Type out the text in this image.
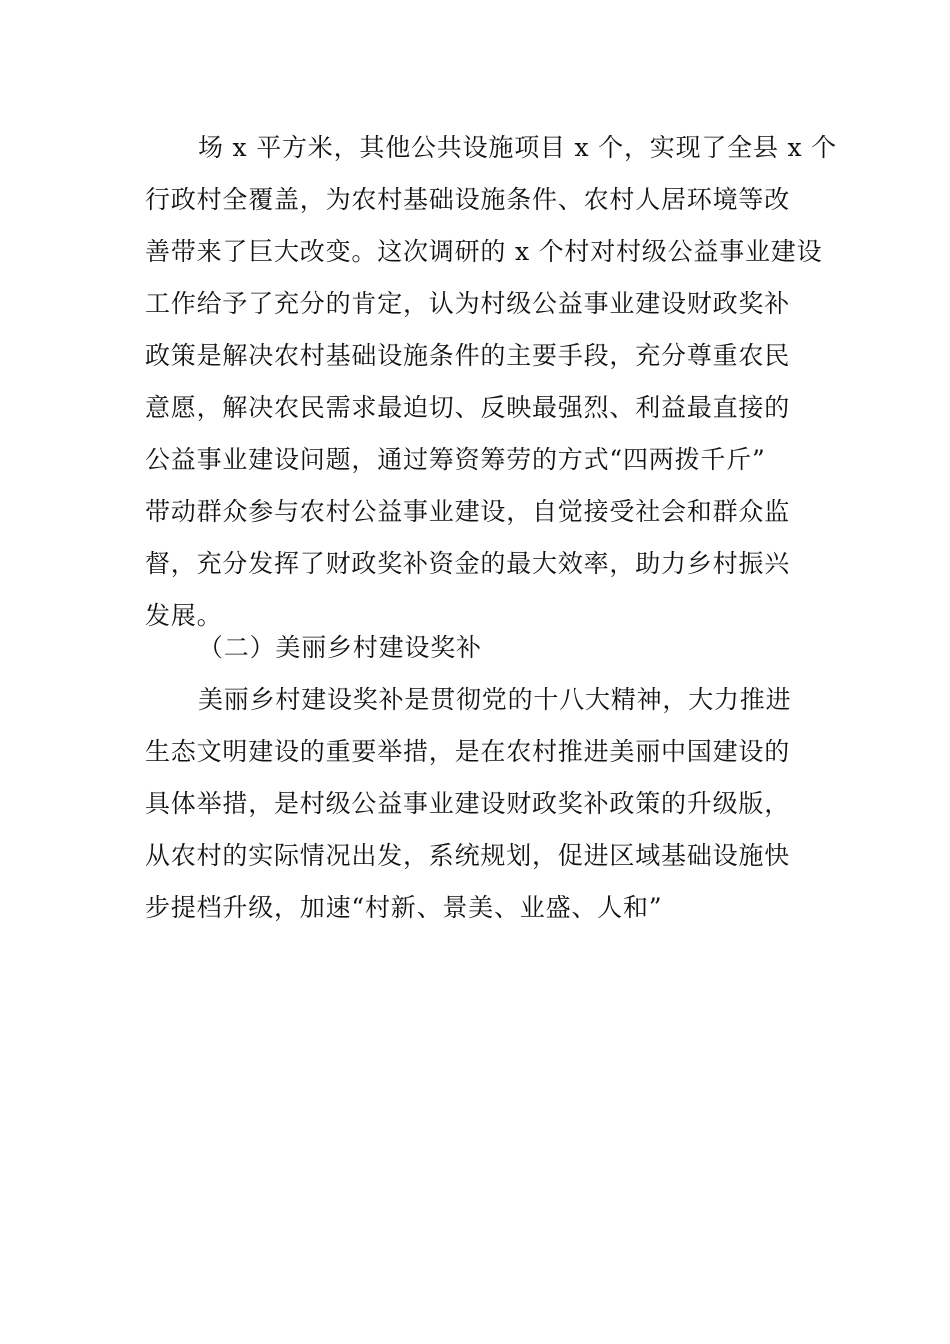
场 x 平方米，其他公共设施项目 x 个，实现了全县 x 个
行政村全覆盖，为农村基础设施条件、农村人居环境等改
善带来了巨大改变。这次调研的 x 个村对村级公益事业建设
工作给予了充分的肯定，认为村级公益事业建设财政奖补
政策是解决农村基础设施条件的主要手段，充分尊重农民
意愿，解决农民需求最迫切、反映最强烈、利益最直接的
公益事业建设问题，通过筹资筹劳的方式“四两拨千斤”
带动群众参与农村公益事业建设，自觉接受社会和群众监
督，充分发挥了财政奖补资金的最大效率，助力乡村振兴
发展。
（二）美丽乡村建设奖补
美丽乡村建设奖补是贯彻党的十八大精神，大力推进
生态文明建设的重要举措，是在农村推进美丽中国建设的
具体举措，是村级公益事业建设财政奖补政策的升级版，
从农村的实际情况出发，系统规划，促进区域基础设施快
步提档升级，加速“村新、景美、业盛、人和”
